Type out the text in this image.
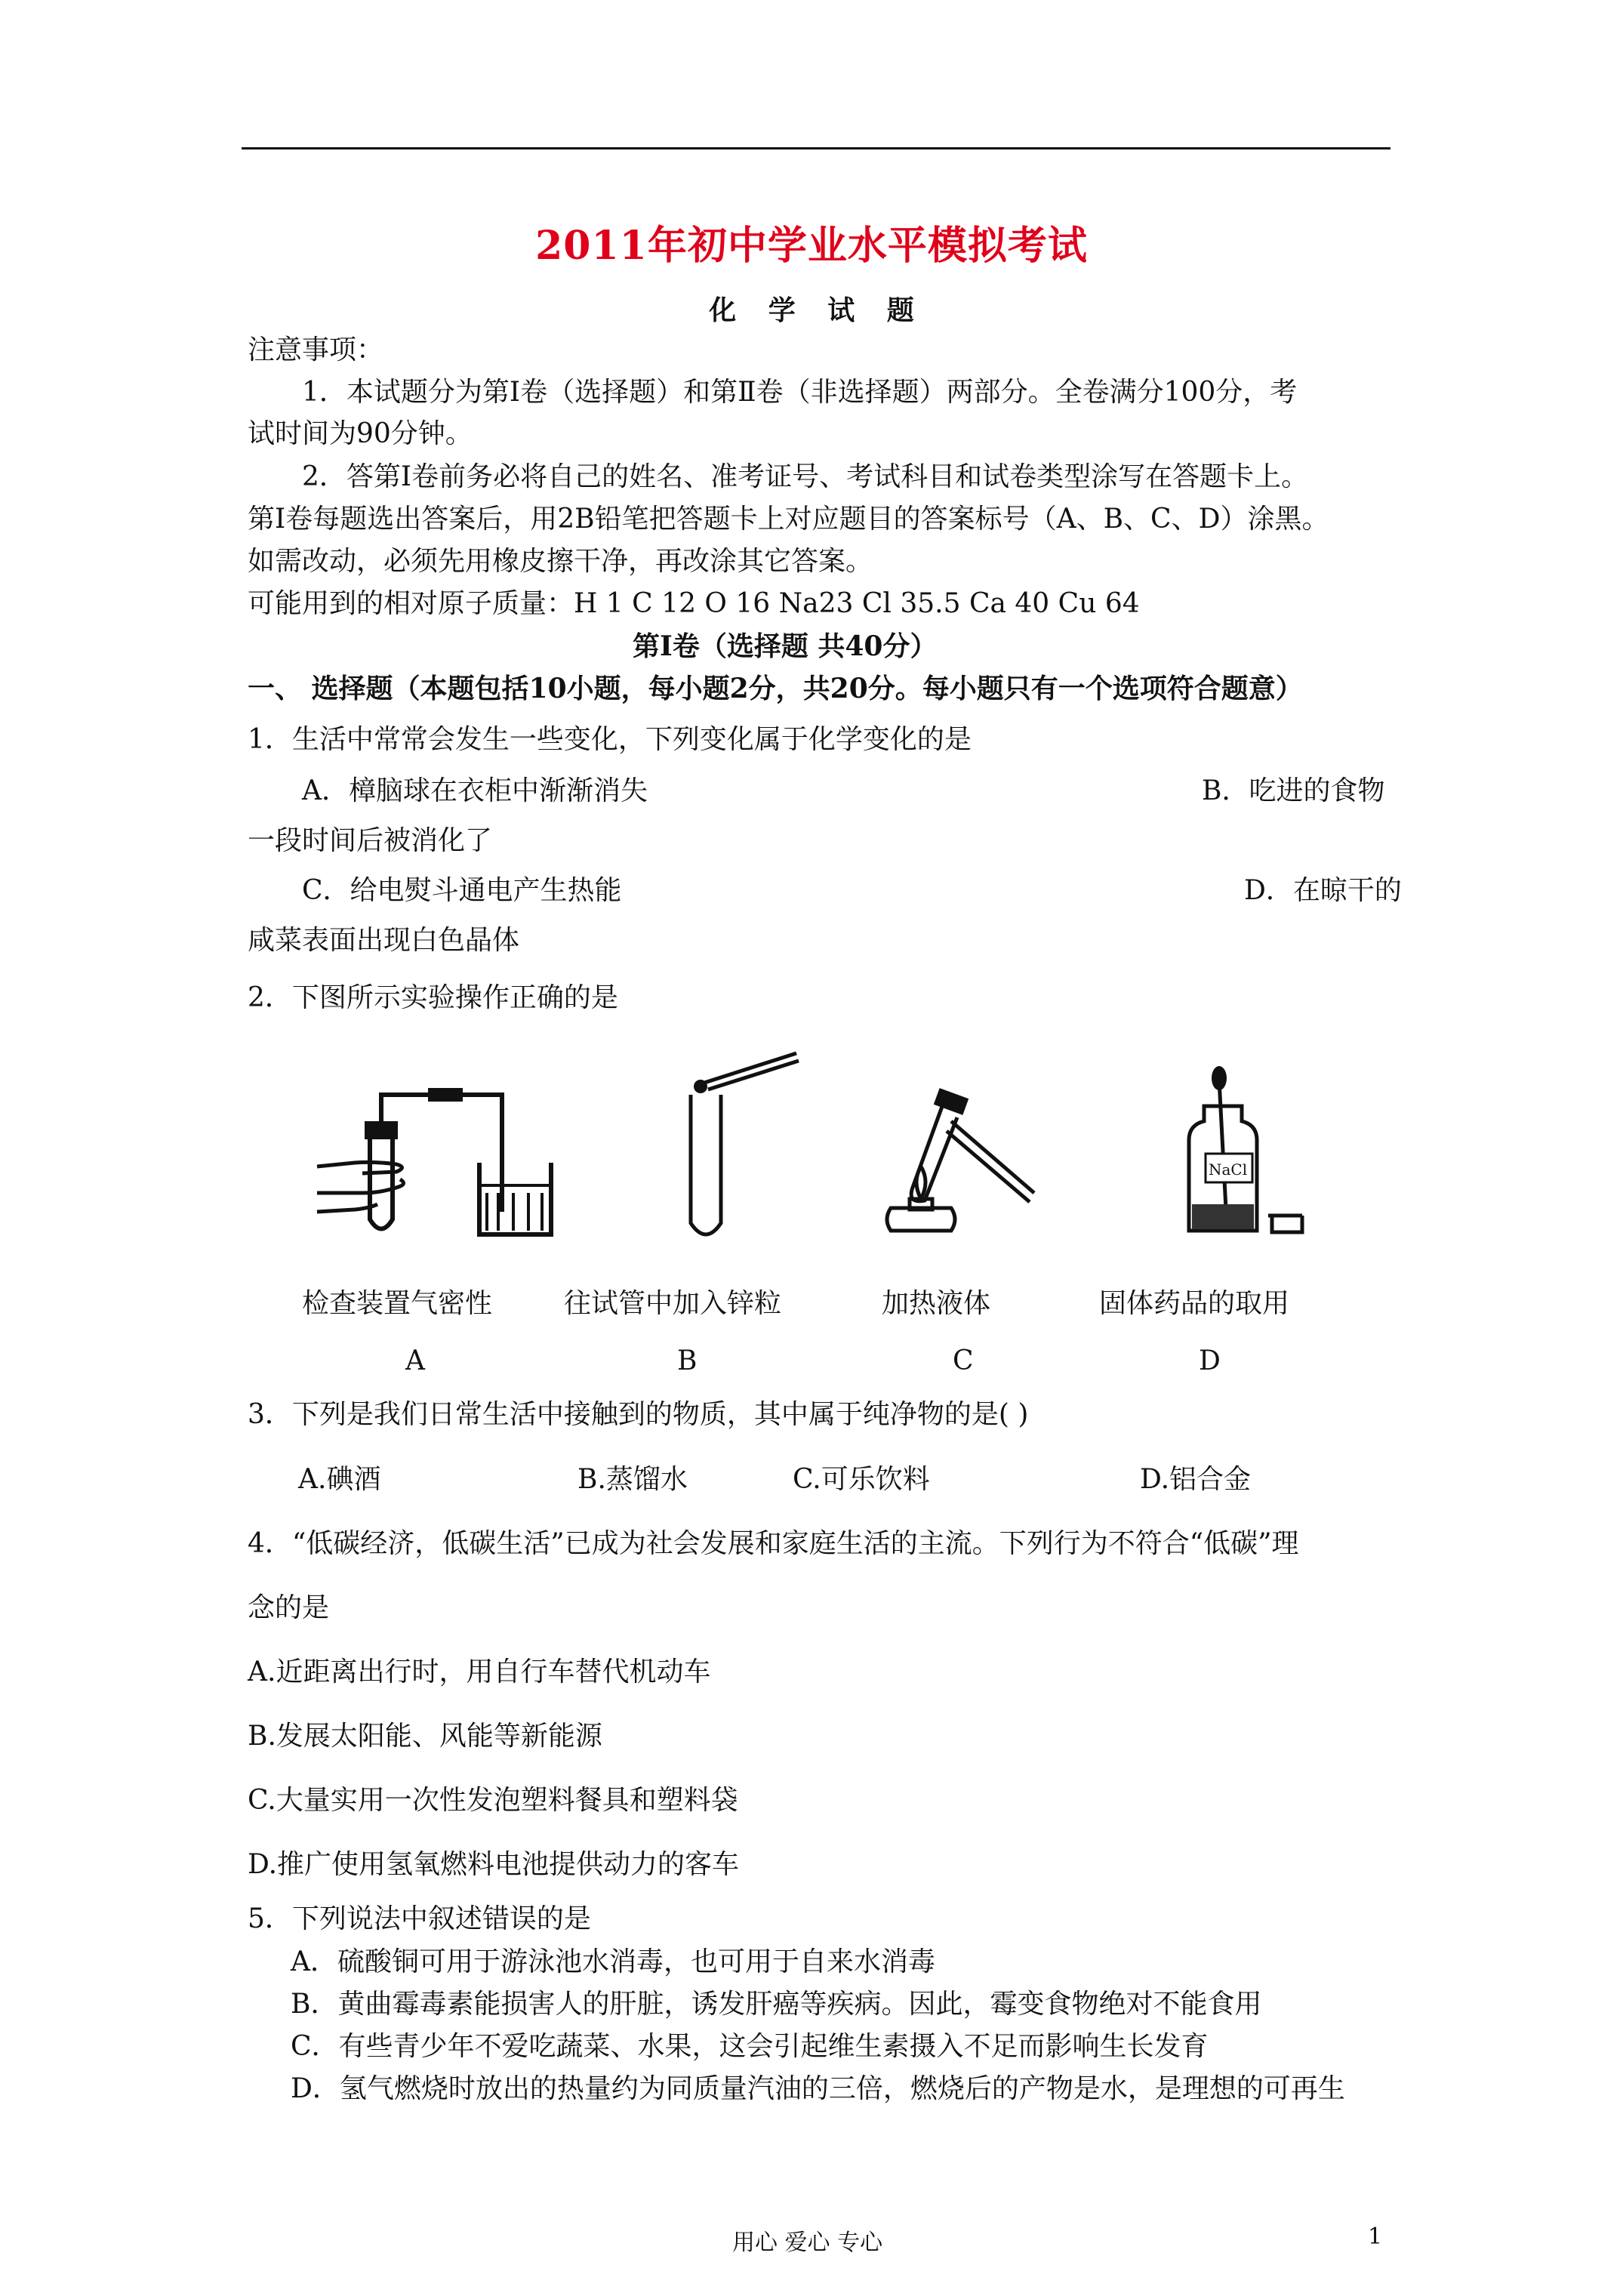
2011年初中学业水平模拟考试
化 学 试 题
注意事项：
1．本试题分为第Ⅰ卷（选择题）和第Ⅱ卷（非选择题）两部分。全卷满分100分，考
试时间为90分钟。
2．答第Ⅰ卷前务必将自己的姓名、准考证号、考试科目和试卷类型涂写在答题卡上。
第Ⅰ卷每题选出答案后，用2B铅笔把答题卡上对应题目的答案标号（A、B、C、D）涂黑。
如需改动，必须先用橡皮擦干净，再改涂其它答案。
可能用到的相对原子质量：H 1 C 12 O 16 Na23 Cl 35.5 Ca 40 Cu 64
第Ⅰ卷（选择题 共40分）
一、 选择题（本题包括10小题，每小题2分，共20分。每小题只有一个选项符合题意）
1．生活中常常会发生一些变化，下列变化属于化学变化的是
A．樟脑球在衣柜中渐渐消失	B．吃进的食物
一段时间后被消化了
C．给电熨斗通电产生热能	D．在晾干的
咸菜表面出现白色晶体
2．下图所示实验操作正确的是
NaCl
检查装置气密性	往试管中加入锌粒	加热液体	固体药品的取用
A	B	C	D
3．下列是我们日常生活中接触到的物质，其中属于纯净物的是( )
A.碘酒	B.蒸馏水	C.可乐饮料	D.铝合金
4．“低碳经济，低碳生活”已成为社会发展和家庭生活的主流。下列行为不符合“低碳”理
念的是
A.近距离出行时，用自行车替代机动车
B.发展太阳能、风能等新能源
C.大量实用一次性发泡塑料餐具和塑料袋
D.推广使用氢氧燃料电池提供动力的客车
5．下列说法中叙述错误的是
A．硫酸铜可用于游泳池水消毒，也可用于自来水消毒
B．黄曲霉毒素能损害人的肝脏，诱发肝癌等疾病。因此，霉变食物绝对不能食用
C．有些青少年不爱吃蔬菜、水果，这会引起维生素摄入不足而影响生长发育
D．氢气燃烧时放出的热量约为同质量汽油的三倍，燃烧后的产物是水，是理想的可再生
用心 爱心 专心	1
